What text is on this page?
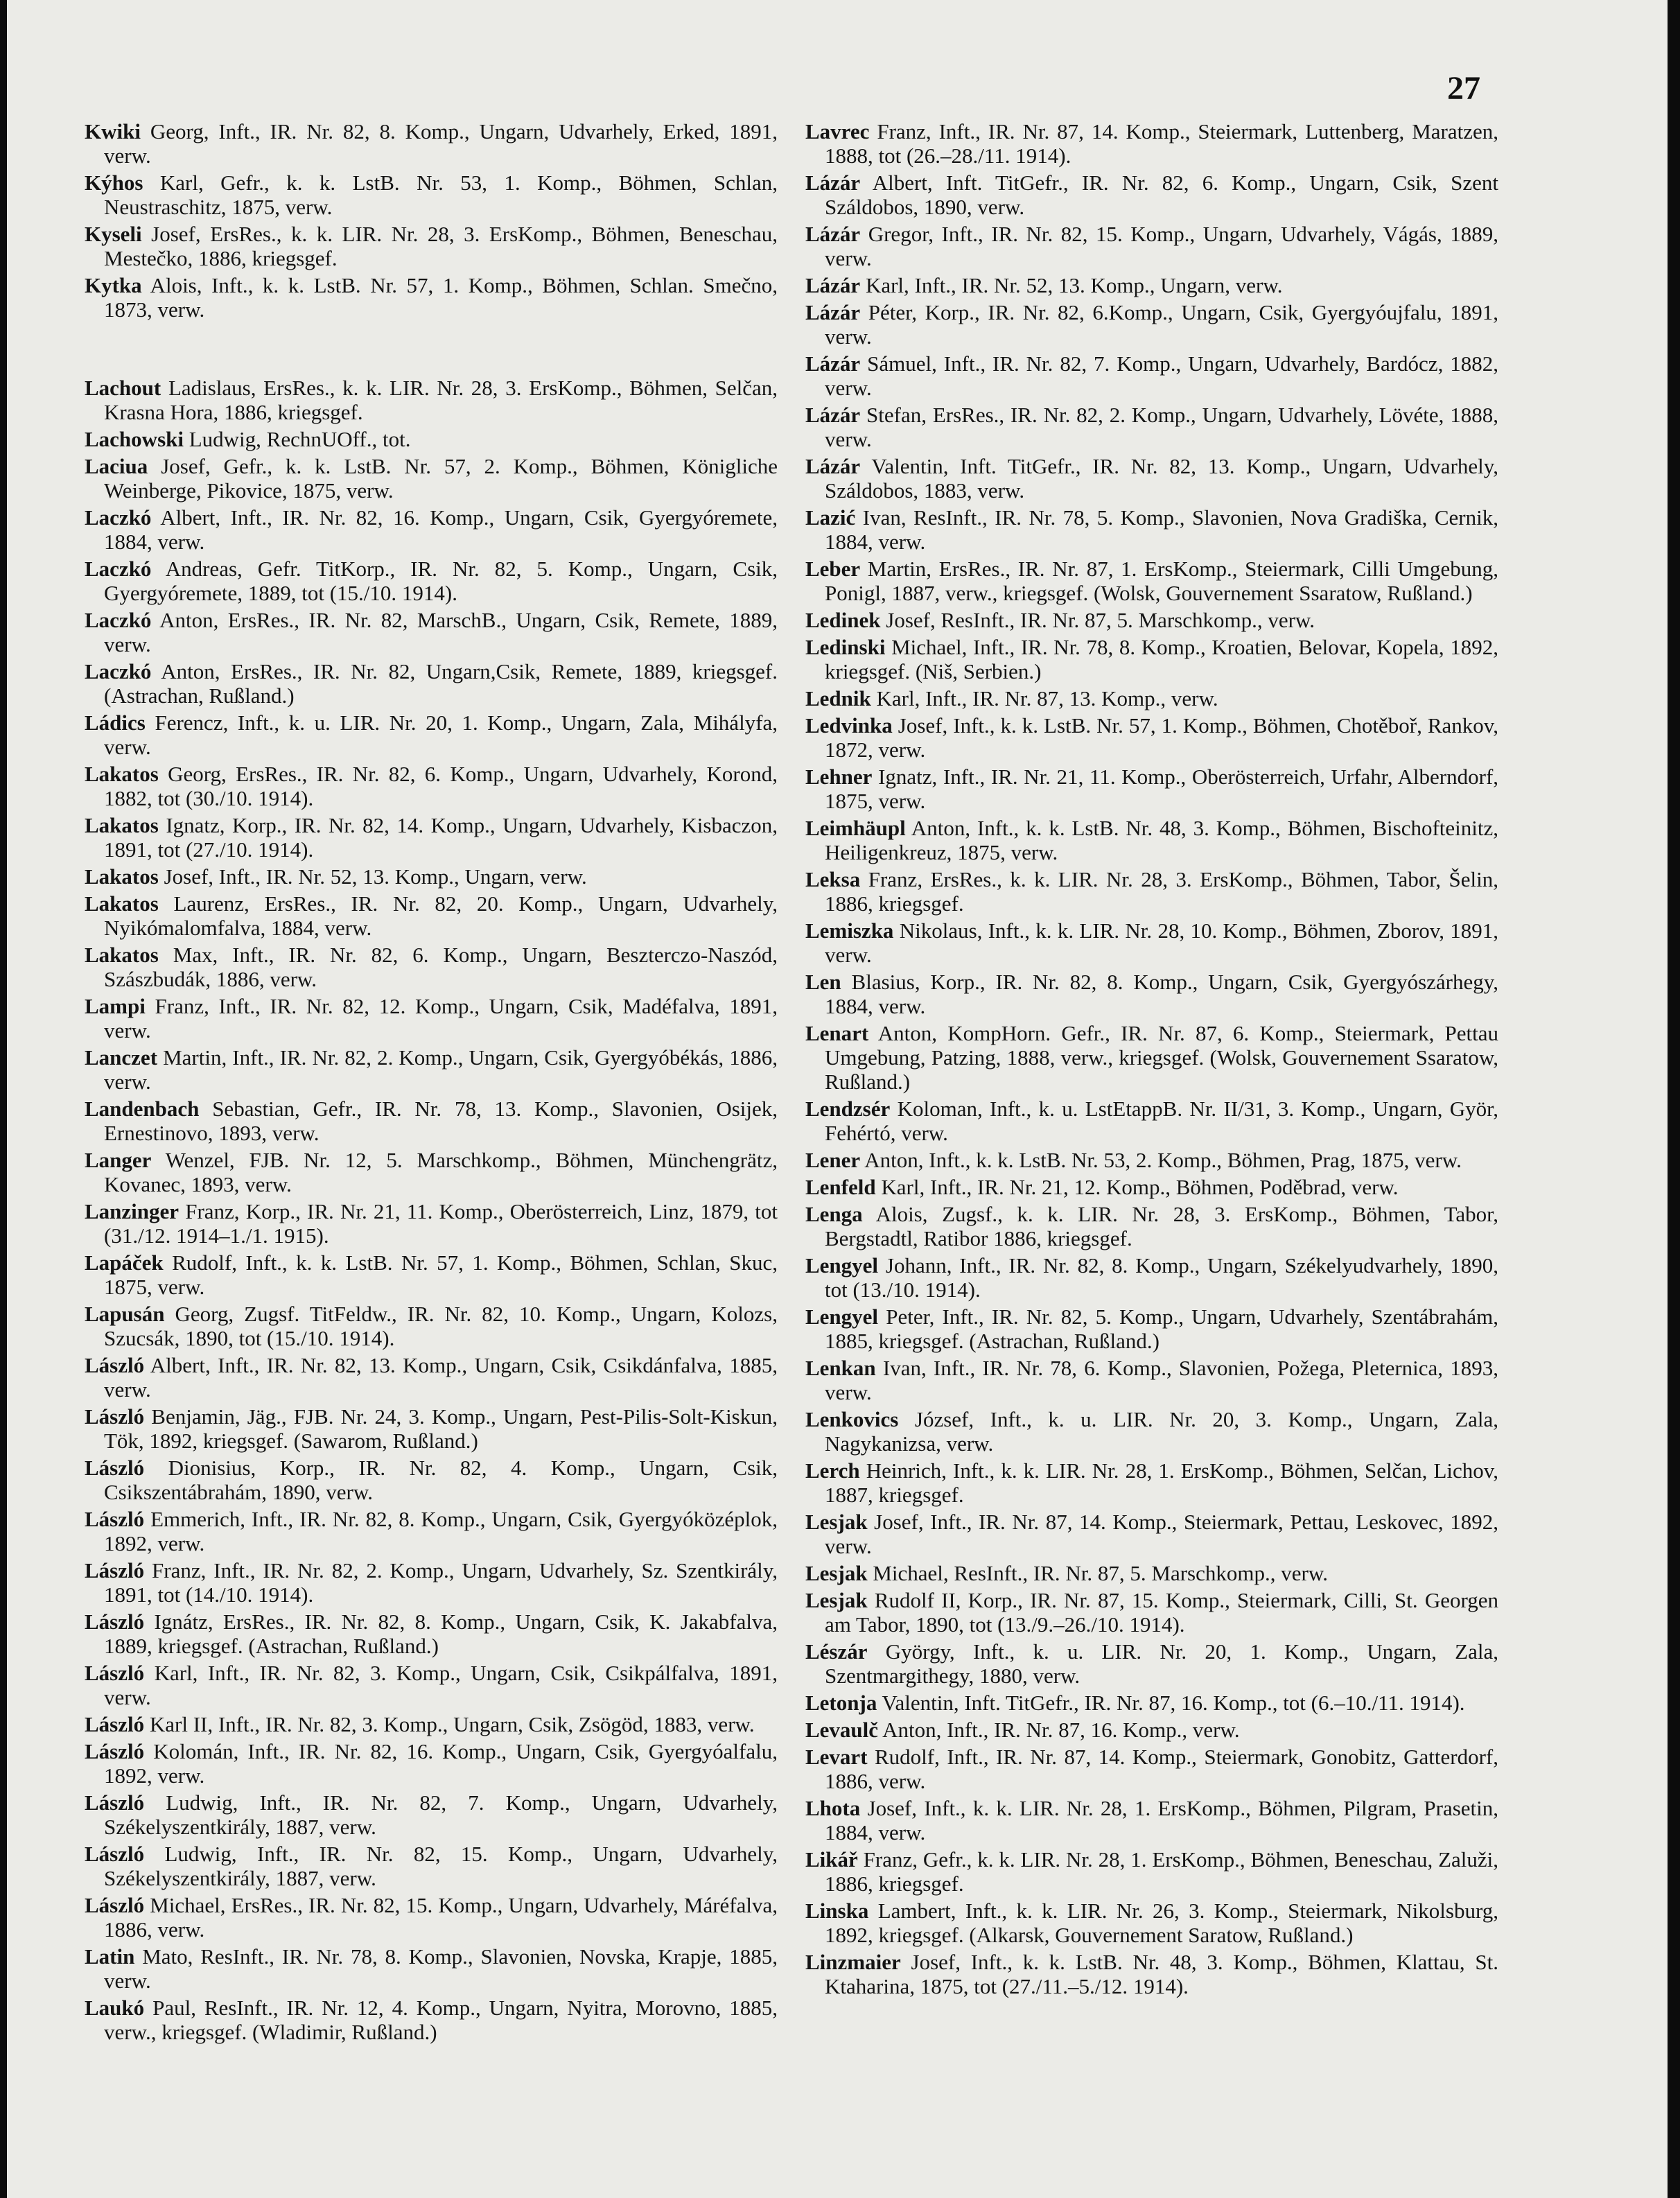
27
Kwiki Georg, Inft., IR. Nr. 82, 8. Komp., Ungarn, Udvarhely, Erked, 1891, verw.
Kýhos Karl, Gefr., k. k. LstB. Nr. 53, 1. Komp., Böhmen, Schlan, Neustraschitz, 1875, verw.
Kyseli Josef, ErsRes., k. k. LIR. Nr. 28, 3. ErsKomp., Böhmen, Beneschau, Mestečko, 1886, kriegsgef.
Kytka Alois, Inft., k. k. LstB. Nr. 57, 1. Komp., Böhmen, Schlan. Smečno, 1873, verw.
Lachout Ladislaus, ErsRes., k. k. LIR. Nr. 28, 3. ErsKomp., Böhmen, Selčan, Krasna Hora, 1886, kriegsgef.
Lachowski Ludwig, RechnUOff., tot.
Laciua Josef, Gefr., k. k. LstB. Nr. 57, 2. Komp., Böhmen, Königliche Weinberge, Pikovice, 1875, verw.
Laczkó Albert, Inft., IR. Nr. 82, 16. Komp., Ungarn, Csik, Gyergyóremete, 1884, verw.
Laczkó Andreas, Gefr. TitKorp., IR. Nr. 82, 5. Komp., Ungarn, Csik, Gyergyóremete, 1889, tot (15./10. 1914).
Laczkó Anton, ErsRes., IR. Nr. 82, MarschB., Ungarn, Csik, Remete, 1889, verw.
Laczkó Anton, ErsRes., IR. Nr. 82, Ungarn,Csik, Remete, 1889, kriegsgef. (Astrachan, Rußland.)
Ládics Ferencz, Inft., k. u. LIR. Nr. 20, 1. Komp., Ungarn, Zala, Mihályfa, verw.
Lakatos Georg, ErsRes., IR. Nr. 82, 6. Komp., Ungarn, Udvarhely, Korond, 1882, tot (30./10. 1914).
Lakatos Ignatz, Korp., IR. Nr. 82, 14. Komp., Ungarn, Udvarhely, Kisbaczon, 1891, tot (27./10. 1914).
Lakatos Josef, Inft., IR. Nr. 52, 13. Komp., Ungarn, verw.
Lakatos Laurenz, ErsRes., IR. Nr. 82, 20. Komp., Ungarn, Udvarhely, Nyikómalomfalva, 1884, verw.
Lakatos Max, Inft., IR. Nr. 82, 6. Komp., Ungarn, Beszterczo-Naszód, Szászbudák, 1886, verw.
Lampi Franz, Inft., IR. Nr. 82, 12. Komp., Ungarn, Csik, Madéfalva, 1891, verw.
Lanczet Martin, Inft., IR. Nr. 82, 2. Komp., Ungarn, Csik, Gyergyóbékás, 1886, verw.
Landenbach Sebastian, Gefr., IR. Nr. 78, 13. Komp., Slavonien, Osijek, Ernestinovo, 1893, verw.
Langer Wenzel, FJB. Nr. 12, 5. Marschkomp., Böhmen, Münchengrätz, Kovanec, 1893, verw.
Lanzinger Franz, Korp., IR. Nr. 21, 11. Komp., Oberösterreich, Linz, 1879, tot (31./12. 1914–1./1. 1915).
Lapáček Rudolf, Inft., k. k. LstB. Nr. 57, 1. Komp., Böhmen, Schlan, Skuc, 1875, verw.
Lapusán Georg, Zugsf. TitFeldw., IR. Nr. 82, 10. Komp., Ungarn, Kolozs, Szucsák, 1890, tot (15./10. 1914).
László Albert, Inft., IR. Nr. 82, 13. Komp., Ungarn, Csik, Csikdánfalva, 1885, verw.
László Benjamin, Jäg., FJB. Nr. 24, 3. Komp., Ungarn, Pest-Pilis-Solt-Kiskun, Tök, 1892, kriegsgef. (Sawarom, Rußland.)
László Dionisius, Korp., IR. Nr. 82, 4. Komp., Ungarn, Csik, Csikszentábrahám, 1890, verw.
László Emmerich, Inft., IR. Nr. 82, 8. Komp., Ungarn, Csik, Gyergyóközéplok, 1892, verw.
László Franz, Inft., IR. Nr. 82, 2. Komp., Ungarn, Udvarhely, Sz. Szentkirály, 1891, tot (14./10. 1914).
László Ignátz, ErsRes., IR. Nr. 82, 8. Komp., Ungarn, Csik, K. Jakabfalva, 1889, kriegsgef. (Astrachan, Rußland.)
László Karl, Inft., IR. Nr. 82, 3. Komp., Ungarn, Csik, Csikpálfalva, 1891, verw.
László Karl II, Inft., IR. Nr. 82, 3. Komp., Ungarn, Csik, Zsögöd, 1883, verw.
László Kolomán, Inft., IR. Nr. 82, 16. Komp., Ungarn, Csik, Gyergyóalfalu, 1892, verw.
László Ludwig, Inft., IR. Nr. 82, 7. Komp., Ungarn, Udvarhely, Székelyszentkirály, 1887, verw.
László Ludwig, Inft., IR. Nr. 82, 15. Komp., Ungarn, Udvarhely, Székelyszentkirály, 1887, verw.
László Michael, ErsRes., IR. Nr. 82, 15. Komp., Ungarn, Udvarhely, Máréfalva, 1886, verw.
Latin Mato, ResInft., IR. Nr. 78, 8. Komp., Slavonien, Novska, Krapje, 1885, verw.
Laukó Paul, ResInft., IR. Nr. 12, 4. Komp., Ungarn, Nyitra, Morovno, 1885, verw., kriegsgef. (Wladimir, Rußland.)
Lavrec Franz, Inft., IR. Nr. 87, 14. Komp., Steiermark, Luttenberg, Maratzen, 1888, tot (26.–28./11. 1914).
Lázár Albert, Inft. TitGefr., IR. Nr. 82, 6. Komp., Ungarn, Csik, Szent Száldobos, 1890, verw.
Lázár Gregor, Inft., IR. Nr. 82, 15. Komp., Ungarn, Udvarhely, Vágás, 1889, verw.
Lázár Karl, Inft., IR. Nr. 52, 13. Komp., Ungarn, verw.
Lázár Péter, Korp., IR. Nr. 82, 6.Komp., Ungarn, Csik, Gyergyóujfalu, 1891, verw.
Lázár Sámuel, Inft., IR. Nr. 82, 7. Komp., Ungarn, Udvarhely, Bardócz, 1882, verw.
Lázár Stefan, ErsRes., IR. Nr. 82, 2. Komp., Ungarn, Udvarhely, Lövéte, 1888, verw.
Lázár Valentin, Inft. TitGefr., IR. Nr. 82, 13. Komp., Ungarn, Udvarhely, Száldobos, 1883, verw.
Lazić Ivan, ResInft., IR. Nr. 78, 5. Komp., Slavonien, Nova Gradiška, Cernik, 1884, verw.
Leber Martin, ErsRes., IR. Nr. 87, 1. ErsKomp., Steiermark, Cilli Umgebung, Ponigl, 1887, verw., kriegsgef. (Wolsk, Gouvernement Ssaratow, Rußland.)
Ledinek Josef, ResInft., IR. Nr. 87, 5. Marschkomp., verw.
Ledinski Michael, Inft., IR. Nr. 78, 8. Komp., Kroatien, Belovar, Kopela, 1892, kriegsgef. (Niš, Serbien.)
Lednik Karl, Inft., IR. Nr. 87, 13. Komp., verw.
Ledvinka Josef, Inft., k. k. LstB. Nr. 57, 1. Komp., Böhmen, Chotěboř, Rankov, 1872, verw.
Lehner Ignatz, Inft., IR. Nr. 21, 11. Komp., Oberösterreich, Urfahr, Alberndorf, 1875, verw.
Leimhäupl Anton, Inft., k. k. LstB. Nr. 48, 3. Komp., Böhmen, Bischofteinitz, Heiligenkreuz, 1875, verw.
Leksa Franz, ErsRes., k. k. LIR. Nr. 28, 3. ErsKomp., Böhmen, Tabor, Šelin, 1886, kriegsgef.
Lemiszka Nikolaus, Inft., k. k. LIR. Nr. 28, 10. Komp., Böhmen, Zborov, 1891, verw.
Len Blasius, Korp., IR. Nr. 82, 8. Komp., Ungarn, Csik, Gyergyószárhegy, 1884, verw.
Lenart Anton, KompHorn. Gefr., IR. Nr. 87, 6. Komp., Steiermark, Pettau Umgebung, Patzing, 1888, verw., kriegsgef. (Wolsk, Gouvernement Ssaratow, Rußland.)
Lendzsér Koloman, Inft., k. u. LstEtappB. Nr. II/31, 3. Komp., Ungarn, Györ, Fehértó, verw.
Lener Anton, Inft., k. k. LstB. Nr. 53, 2. Komp., Böhmen, Prag, 1875, verw.
Lenfeld Karl, Inft., IR. Nr. 21, 12. Komp., Böhmen, Poděbrad, verw.
Lenga Alois, Zugsf., k. k. LIR. Nr. 28, 3. ErsKomp., Böhmen, Tabor, Bergstadtl, Ratibor 1886, kriegsgef.
Lengyel Johann, Inft., IR. Nr. 82, 8. Komp., Ungarn, Székelyudvarhely, 1890, tot (13./10. 1914).
Lengyel Peter, Inft., IR. Nr. 82, 5. Komp., Ungarn, Udvarhely, Szentábrahám, 1885, kriegsgef. (Astrachan, Rußland.)
Lenkan Ivan, Inft., IR. Nr. 78, 6. Komp., Slavonien, Požega, Pleternica, 1893, verw.
Lenkovics József, Inft., k. u. LIR. Nr. 20, 3. Komp., Ungarn, Zala, Nagykanizsa, verw.
Lerch Heinrich, Inft., k. k. LIR. Nr. 28, 1. ErsKomp., Böhmen, Selčan, Lichov, 1887, kriegsgef.
Lesjak Josef, Inft., IR. Nr. 87, 14. Komp., Steiermark, Pettau, Leskovec, 1892, verw.
Lesjak Michael, ResInft., IR. Nr. 87, 5. Marschkomp., verw.
Lesjak Rudolf II, Korp., IR. Nr. 87, 15. Komp., Steiermark, Cilli, St. Georgen am Tabor, 1890, tot (13./9.–26./10. 1914).
Lészár György, Inft., k. u. LIR. Nr. 20, 1. Komp., Ungarn, Zala, Szentmargithegy, 1880, verw.
Letonja Valentin, Inft. TitGefr., IR. Nr. 87, 16. Komp., tot (6.–10./11. 1914).
Levaulč Anton, Inft., IR. Nr. 87, 16. Komp., verw.
Levart Rudolf, Inft., IR. Nr. 87, 14. Komp., Steiermark, Gonobitz, Gatterdorf, 1886, verw.
Lhota Josef, Inft., k. k. LIR. Nr. 28, 1. ErsKomp., Böhmen, Pilgram, Prasetin, 1884, verw.
Likář Franz, Gefr., k. k. LIR. Nr. 28, 1. ErsKomp., Böhmen, Beneschau, Zaluži, 1886, kriegsgef.
Linska Lambert, Inft., k. k. LIR. Nr. 26, 3. Komp., Steiermark, Nikolsburg, 1892, kriegsgef. (Alkarsk, Gouvernement Saratow, Rußland.)
Linzmaier Josef, Inft., k. k. LstB. Nr. 48, 3. Komp., Böhmen, Klattau, St. Ktaharina, 1875, tot (27./11.–5./12. 1914).
